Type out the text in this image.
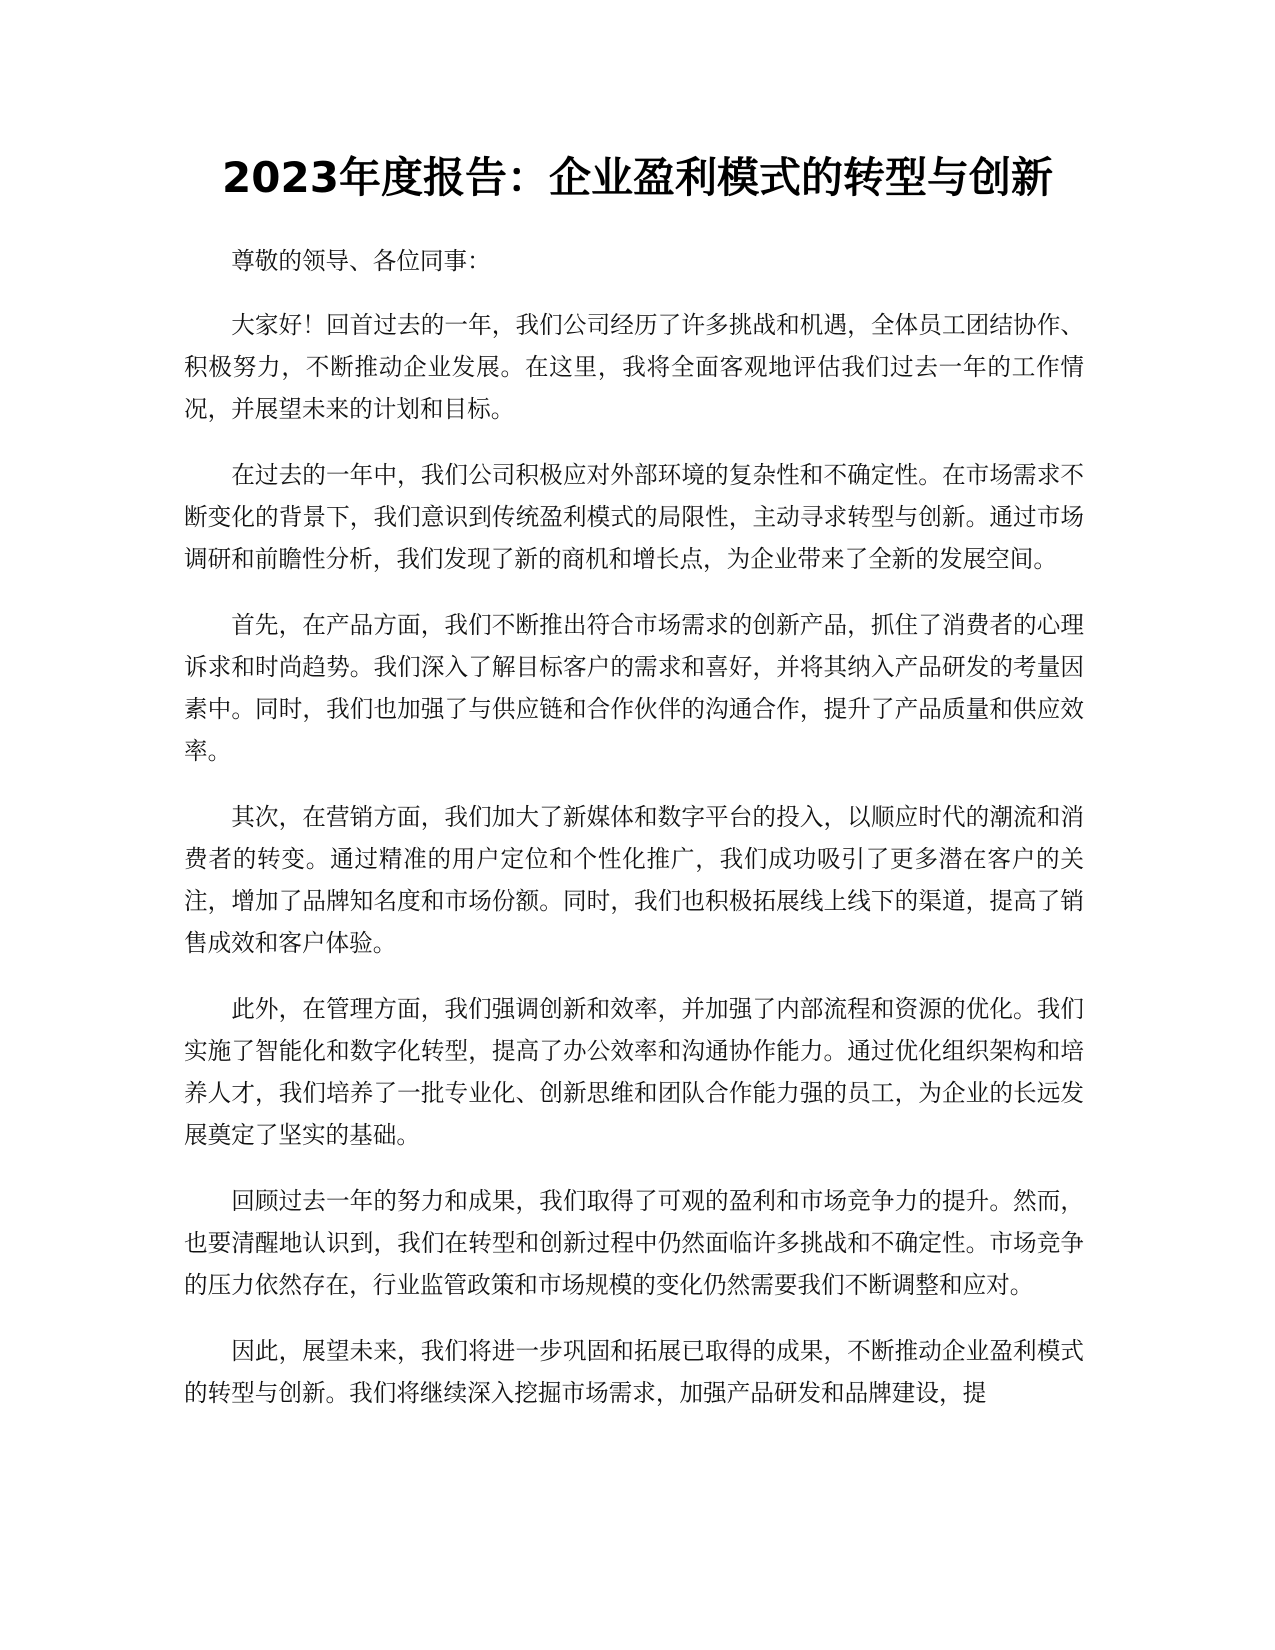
2023年度报告：企业盈利模式的转型与创新

尊敬的领导、各位同事：

大家好！回首过去的一年，我们公司经历了许多挑战和机遇，全体员工团结协作、积极努力，不断推动企业发展。在这里，我将全面客观地评估我们过去一年的工作情况，并展望未来的计划和目标。

在过去的一年中，我们公司积极应对外部环境的复杂性和不确定性。在市场需求不断变化的背景下，我们意识到传统盈利模式的局限性，主动寻求转型与创新。通过市场调研和前瞻性分析，我们发现了新的商机和增长点，为企业带来了全新的发展空间。

首先，在产品方面，我们不断推出符合市场需求的创新产品，抓住了消费者的心理诉求和时尚趋势。我们深入了解目标客户的需求和喜好，并将其纳入产品研发的考量因素中。同时，我们也加强了与供应链和合作伙伴的沟通合作，提升了产品质量和供应效率。

其次，在营销方面，我们加大了新媒体和数字平台的投入，以顺应时代的潮流和消费者的转变。通过精准的用户定位和个性化推广，我们成功吸引了更多潜在客户的关注，增加了品牌知名度和市场份额。同时，我们也积极拓展线上线下的渠道，提高了销售成效和客户体验。

此外，在管理方面，我们强调创新和效率，并加强了内部流程和资源的优化。我们实施了智能化和数字化转型，提高了办公效率和沟通协作能力。通过优化组织架构和培养人才，我们培养了一批专业化、创新思维和团队合作能力强的员工，为企业的长远发展奠定了坚实的基础。

回顾过去一年的努力和成果，我们取得了可观的盈利和市场竞争力的提升。然而，也要清醒地认识到，我们在转型和创新过程中仍然面临许多挑战和不确定性。市场竞争的压力依然存在，行业监管政策和市场规模的变化仍然需要我们不断调整和应对。

因此，展望未来，我们将进一步巩固和拓展已取得的成果，不断推动企业盈利模式的转型与创新。我们将继续深入挖掘市场需求，加强产品研发和品牌建设，提
